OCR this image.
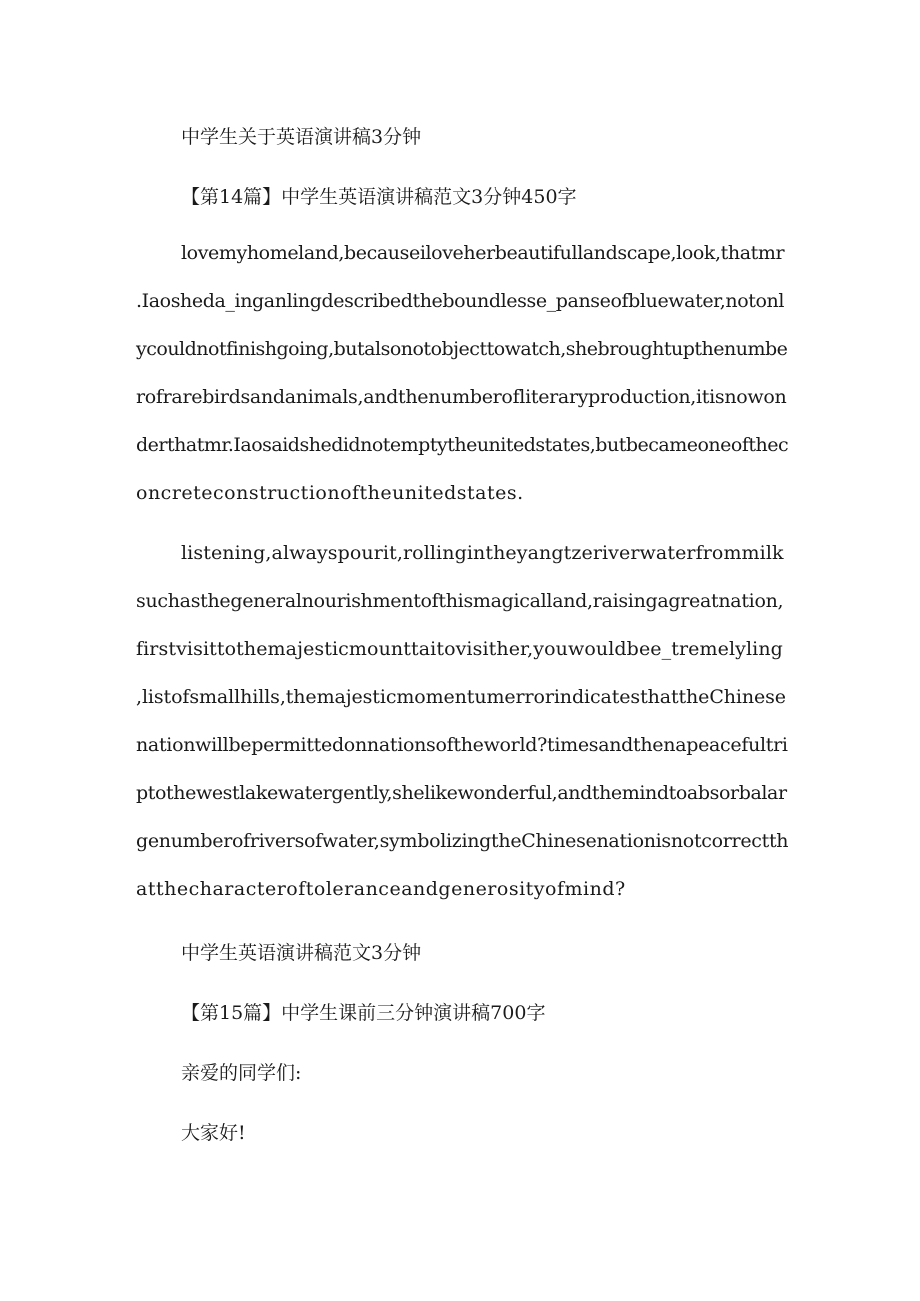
中学生关于英语演讲稿3分钟
【第14篇】中学生英语演讲稿范文3分钟450字
lovemyhomeland,becauseiloveherbeautifullandscape,look,thatmr
.Iaosheda_inganlingdescribedtheboundlesse_panseofbluewater,notonl
ycouldnotfinishgoing,butalsonotobjecttowatch,shebroughtupthenumbe
rofrarebirdsandanimals,andthenumberofliteraryproduction,itisnowon
derthatmr.Iaosaidshedidnotemptytheunitedstates,butbecameoneofthec
oncreteconstructionoftheunitedstates.
listening,alwayspourit,rollingintheyangtzeriverwaterfrommilk
suchasthegeneralnourishmentofthismagicalland,raisingagreatnation,
firstvisittothemajesticmounttaitovisither,youwouldbee_tremelyling
,listofsmallhills,themajesticmomentumerrorindicatesthattheChinese
nationwillbepermittedonnationsoftheworld?timesandthenapeacefultri
ptothewestlakewatergently,shelikewonderful,andthemindtoabsorbalar
genumberofriversofwater,symbolizingtheChinesenationisnotcorrectth
atthecharacteroftoleranceandgenerosityofmind?
中学生英语演讲稿范文3分钟
【第15篇】中学生课前三分钟演讲稿700字
亲爱的同学们:
大家好!
